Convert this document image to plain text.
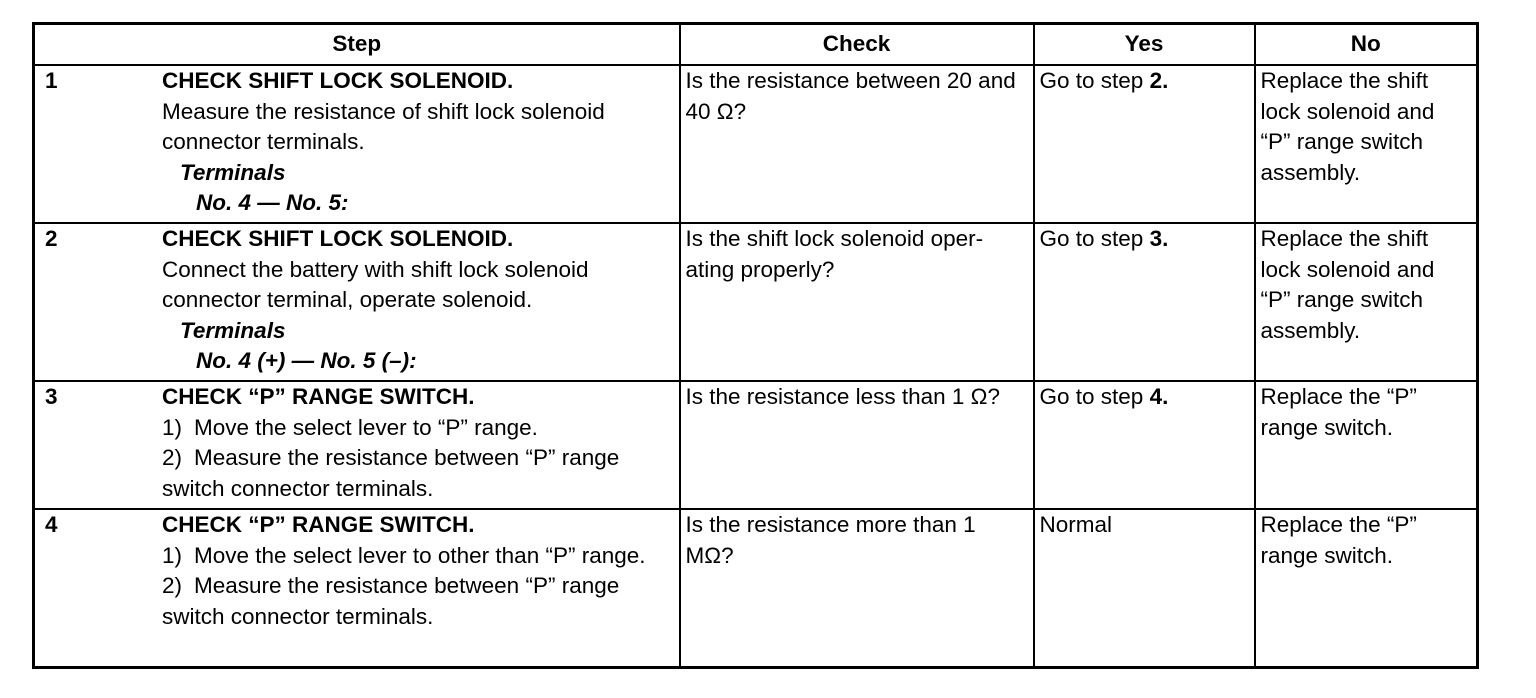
Step	Check	Yes	No

1 CHECK SHIFT LOCK SOLENOID.
Measure the resistance of shift lock solenoid connector terminals.
Terminals
No. 4 — No. 5:	Is the resistance between 20 and 40 Ω?	Go to step 2.	Replace the shift lock solenoid and “P” range switch assembly.

2 CHECK SHIFT LOCK SOLENOID.
Connect the battery with shift lock solenoid connector terminal, operate solenoid.
Terminals
No. 4 (+) — No. 5 (–):	Is the shift lock solenoid oper-ating properly?	Go to step 3.	Replace the shift lock solenoid and “P” range switch assembly.

3 CHECK “P” RANGE SWITCH.
1) Move the select lever to “P” range.
2) Measure the resistance between “P” range switch connector terminals.	Is the resistance less than 1 Ω?	Go to step 4.	Replace the “P” range switch.

4 CHECK “P” RANGE SWITCH.
1) Move the select lever to other than “P” range.
2) Measure the resistance between “P” range switch connector terminals.	Is the resistance more than 1 MΩ?	Normal	Replace the “P” range switch.
